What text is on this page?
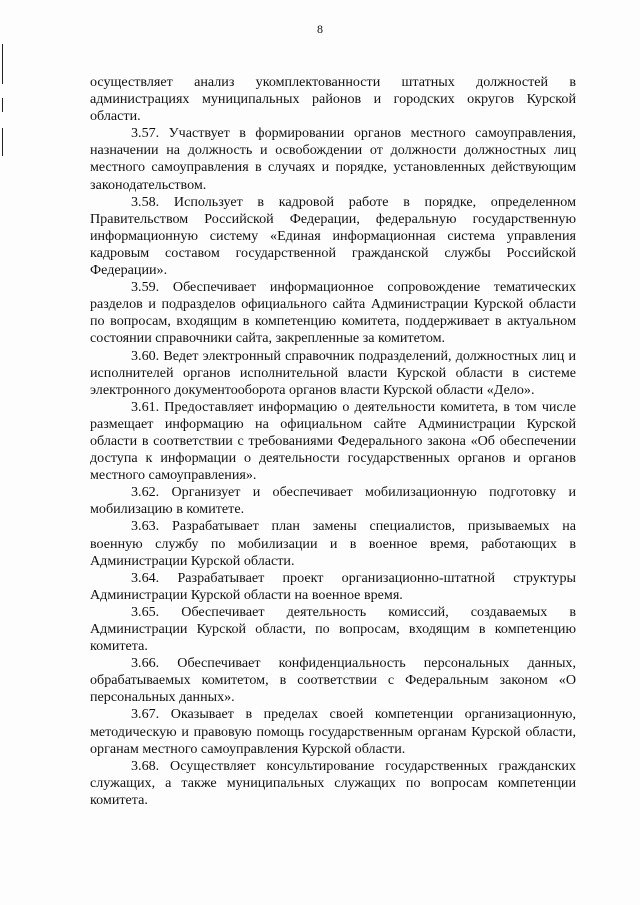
8

осуществляет анализ укомплектованности штатных должностей в администрациях муниципальных районов и городских округов Курской области.

3.57. Участвует в формировании органов местного самоуправления, назначении на должность и освобождении от должности должностных лиц местного самоуправления в случаях и порядке, установленных действующим законодательством.

3.58. Использует в кадровой работе в порядке, определенном Правительством Российской Федерации, федеральную государственную информационную систему «Единая информационная система управления кадровым составом государственной гражданской службы Российской Федерации».

3.59. Обеспечивает информационное сопровождение тематических разделов и подразделов официального сайта Администрации Курской области по вопросам, входящим в компетенцию комитета, поддерживает в актуальном состоянии справочники сайта, закрепленные за комитетом.

3.60. Ведет электронный справочник подразделений, должностных лиц и исполнителей органов исполнительной власти Курской области в системе электронного документооборота органов власти Курской области «Дело».

3.61. Предоставляет информацию о деятельности комитета, в том числе размещает информацию на официальном сайте Администрации Курской области в соответствии с требованиями Федерального закона «Об обеспечении доступа к информации о деятельности государственных органов и органов местного самоуправления».

3.62. Организует и обеспечивает мобилизационную подготовку и мобилизацию в комитете.

3.63. Разрабатывает план замены специалистов, призываемых на военную службу по мобилизации и в военное время, работающих в Администрации Курской области.

3.64. Разрабатывает проект организационно-штатной структуры Администрации Курской области на военное время.

3.65. Обеспечивает деятельность комиссий, создаваемых в Администрации Курской области, по вопросам, входящим в компетенцию комитета.

3.66. Обеспечивает конфиденциальность персональных данных, обрабатываемых комитетом, в соответствии с Федеральным законом «О персональных данных».

3.67. Оказывает в пределах своей компетенции организационную, методическую и правовую помощь государственным органам Курской области, органам местного самоуправления Курской области.

3.68. Осуществляет консультирование государственных гражданских служащих, а также муниципальных служащих по вопросам компетенции комитета.
